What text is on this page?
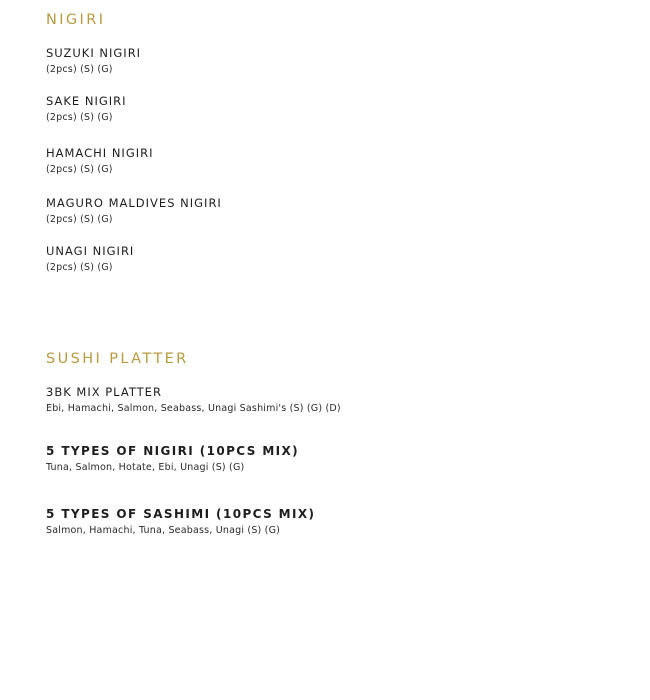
NIGIRI
SUZUKI NIGIRI
(2pcs) (S) (G)
SAKE NIGIRI
(2pcs) (S) (G)
HAMACHI NIGIRI
(2pcs) (S) (G)
MAGURO MALDIVES NIGIRI
(2pcs) (S) (G)
UNAGI NIGIRI
(2pcs) (S) (G)
SUSHI PLATTER
3BK MIX PLATTER
Ebi, Hamachi, Salmon, Seabass, Unagi Sashimi's (S) (G) (D)
5 TYPES OF NIGIRI (10PCS MIX)
Tuna, Salmon, Hotate, Ebi, Unagi (S) (G)
5 TYPES OF SASHIMI (10PCS MIX)
Salmon, Hamachi, Tuna, Seabass, Unagi (S) (G)
